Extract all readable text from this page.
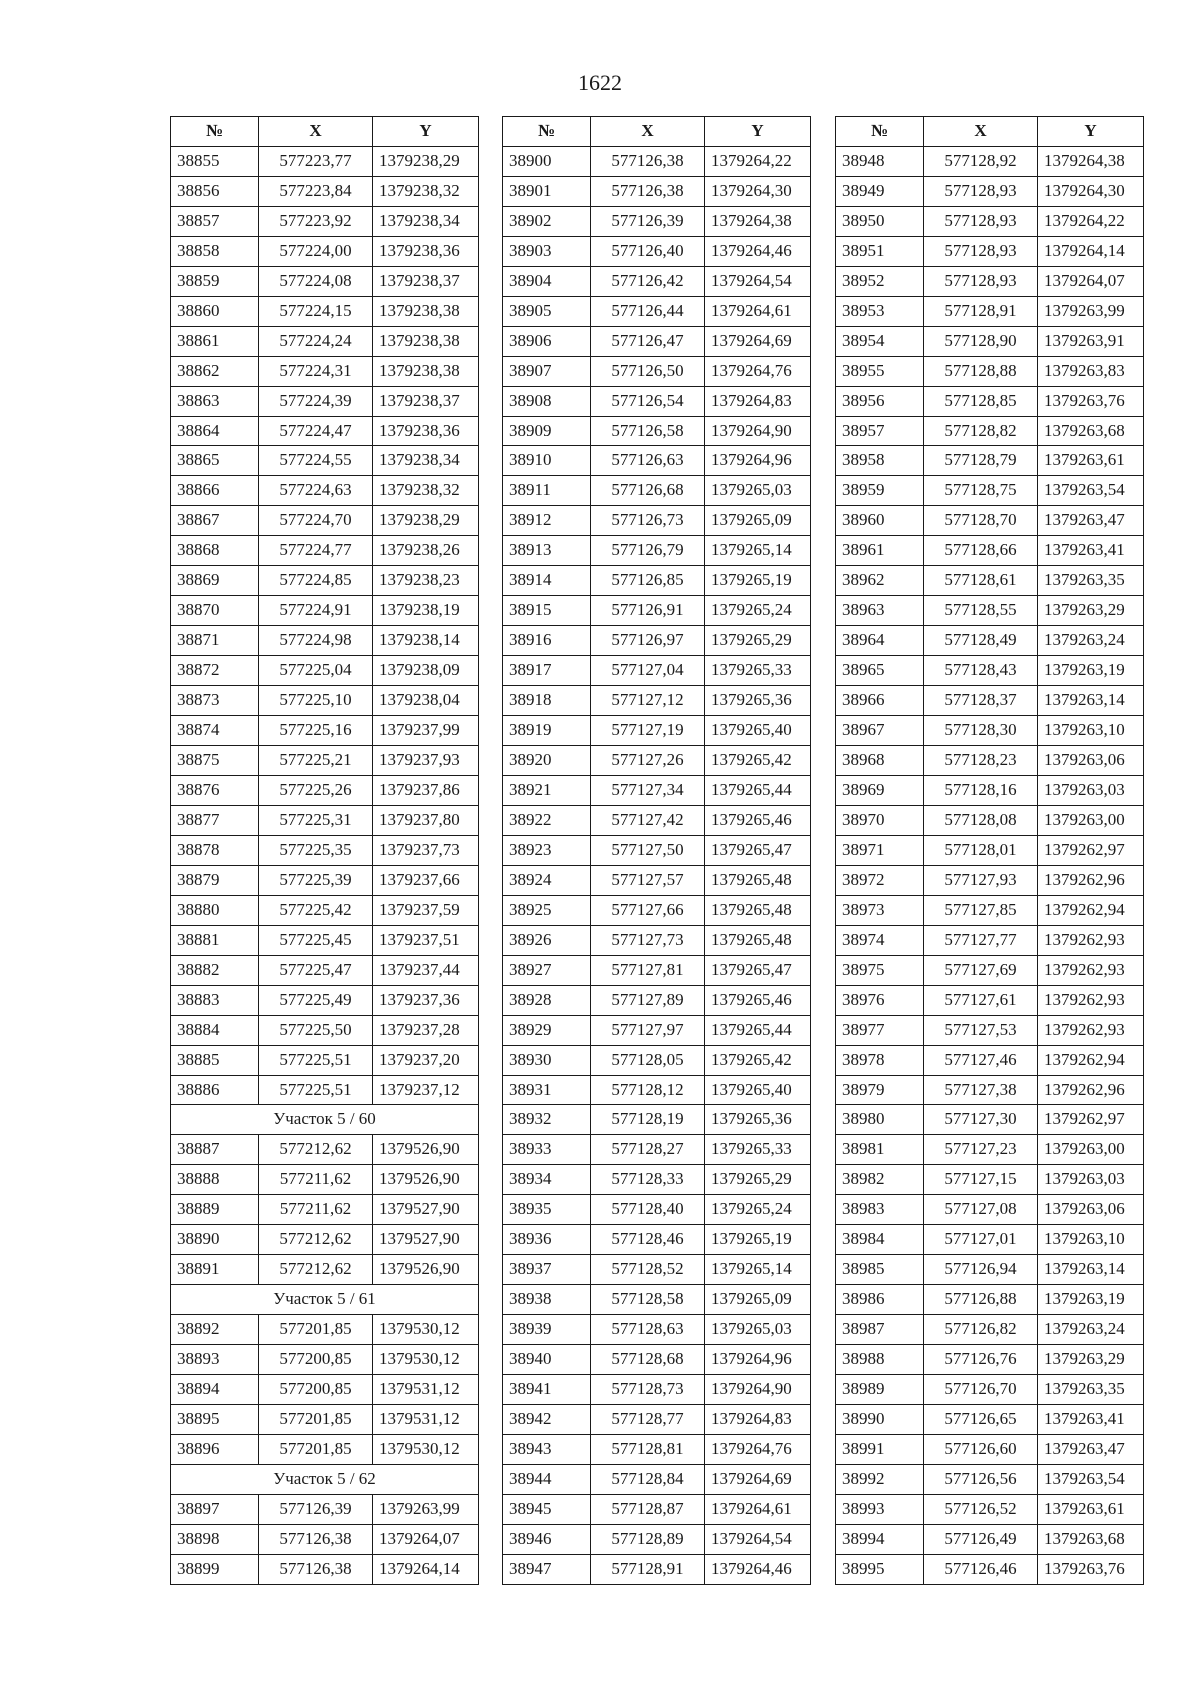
1622
№	X	Y
38855	577223,77	1379238,29
38856	577223,84	1379238,32
38857	577223,92	1379238,34
38858	577224,00	1379238,36
38859	577224,08	1379238,37
38860	577224,15	1379238,38
38861	577224,24	1379238,38
38862	577224,31	1379238,38
38863	577224,39	1379238,37
38864	577224,47	1379238,36
38865	577224,55	1379238,34
38866	577224,63	1379238,32
38867	577224,70	1379238,29
38868	577224,77	1379238,26
38869	577224,85	1379238,23
38870	577224,91	1379238,19
38871	577224,98	1379238,14
38872	577225,04	1379238,09
38873	577225,10	1379238,04
38874	577225,16	1379237,99
38875	577225,21	1379237,93
38876	577225,26	1379237,86
38877	577225,31	1379237,80
38878	577225,35	1379237,73
38879	577225,39	1379237,66
38880	577225,42	1379237,59
38881	577225,45	1379237,51
38882	577225,47	1379237,44
38883	577225,49	1379237,36
38884	577225,50	1379237,28
38885	577225,51	1379237,20
38886	577225,51	1379237,12
Участок 5 / 60		
38887	577212,62	1379526,90
38888	577211,62	1379526,90
38889	577211,62	1379527,90
38890	577212,62	1379527,90
38891	577212,62	1379526,90
Участок 5 / 61		
38892	577201,85	1379530,12
38893	577200,85	1379530,12
38894	577200,85	1379531,12
38895	577201,85	1379531,12
38896	577201,85	1379530,12
Участок 5 / 62		
38897	577126,39	1379263,99
38898	577126,38	1379264,07
38899	577126,38	1379264,14
№	X	Y
38900	577126,38	1379264,22
38901	577126,38	1379264,30
38902	577126,39	1379264,38
38903	577126,40	1379264,46
38904	577126,42	1379264,54
38905	577126,44	1379264,61
38906	577126,47	1379264,69
38907	577126,50	1379264,76
38908	577126,54	1379264,83
38909	577126,58	1379264,90
38910	577126,63	1379264,96
38911	577126,68	1379265,03
38912	577126,73	1379265,09
38913	577126,79	1379265,14
38914	577126,85	1379265,19
38915	577126,91	1379265,24
38916	577126,97	1379265,29
38917	577127,04	1379265,33
38918	577127,12	1379265,36
38919	577127,19	1379265,40
38920	577127,26	1379265,42
38921	577127,34	1379265,44
38922	577127,42	1379265,46
38923	577127,50	1379265,47
38924	577127,57	1379265,48
38925	577127,66	1379265,48
38926	577127,73	1379265,48
38927	577127,81	1379265,47
38928	577127,89	1379265,46
38929	577127,97	1379265,44
38930	577128,05	1379265,42
38931	577128,12	1379265,40
38932	577128,19	1379265,36
38933	577128,27	1379265,33
38934	577128,33	1379265,29
38935	577128,40	1379265,24
38936	577128,46	1379265,19
38937	577128,52	1379265,14
38938	577128,58	1379265,09
38939	577128,63	1379265,03
38940	577128,68	1379264,96
38941	577128,73	1379264,90
38942	577128,77	1379264,83
38943	577128,81	1379264,76
38944	577128,84	1379264,69
38945	577128,87	1379264,61
38946	577128,89	1379264,54
38947	577128,91	1379264,46
№	X	Y
38948	577128,92	1379264,38
38949	577128,93	1379264,30
38950	577128,93	1379264,22
38951	577128,93	1379264,14
38952	577128,93	1379264,07
38953	577128,91	1379263,99
38954	577128,90	1379263,91
38955	577128,88	1379263,83
38956	577128,85	1379263,76
38957	577128,82	1379263,68
38958	577128,79	1379263,61
38959	577128,75	1379263,54
38960	577128,70	1379263,47
38961	577128,66	1379263,41
38962	577128,61	1379263,35
38963	577128,55	1379263,29
38964	577128,49	1379263,24
38965	577128,43	1379263,19
38966	577128,37	1379263,14
38967	577128,30	1379263,10
38968	577128,23	1379263,06
38969	577128,16	1379263,03
38970	577128,08	1379263,00
38971	577128,01	1379262,97
38972	577127,93	1379262,96
38973	577127,85	1379262,94
38974	577127,77	1379262,93
38975	577127,69	1379262,93
38976	577127,61	1379262,93
38977	577127,53	1379262,93
38978	577127,46	1379262,94
38979	577127,38	1379262,96
38980	577127,30	1379262,97
38981	577127,23	1379263,00
38982	577127,15	1379263,03
38983	577127,08	1379263,06
38984	577127,01	1379263,10
38985	577126,94	1379263,14
38986	577126,88	1379263,19
38987	577126,82	1379263,24
38988	577126,76	1379263,29
38989	577126,70	1379263,35
38990	577126,65	1379263,41
38991	577126,60	1379263,47
38992	577126,56	1379263,54
38993	577126,52	1379263,61
38994	577126,49	1379263,68
38995	577126,46	1379263,76
